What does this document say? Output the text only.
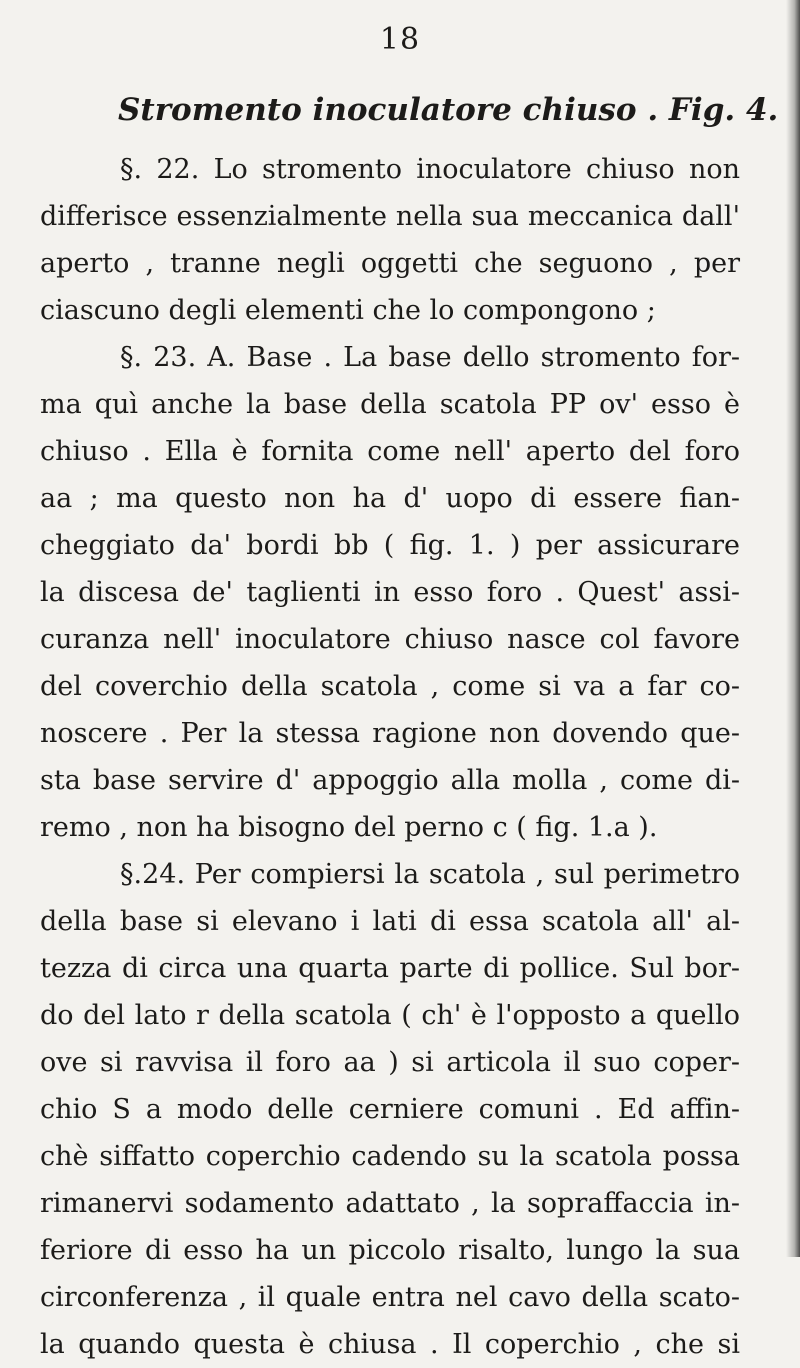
18
Stromento inoculatore chiuso . Fig. 4.
§. 22. Lo stromento inoculatore chiuso non
differisce essenzialmente nella sua meccanica dall'
aperto , tranne negli oggetti che seguono , per
ciascuno degli elementi che lo compongono ;
§. 23. A. Base . La base dello stromento for-
ma quì anche la base della scatola PP ov' esso è
chiuso . Ella è fornita come nell' aperto del foro
aa ; ma questo non ha d' uopo di essere fian-
cheggiato da' bordi bb ( fig. 1. ) per assicurare
la discesa de' taglienti in esso foro . Quest' assi-
curanza nell' inoculatore chiuso nasce col favore
del coverchio della scatola , come si va a far co-
noscere . Per la stessa ragione non dovendo que-
sta base servire d' appoggio alla molla , come di-
remo , non ha bisogno del perno c ( fig. 1.a ).
§.24. Per compiersi la scatola , sul perimetro
della base si elevano i lati di essa scatola all' al-
tezza di circa una quarta parte di pollice. Sul bor-
do del lato r della scatola ( ch' è l'opposto a quello
ove si ravvisa il foro aa ) si articola il suo coper-
chio S a modo delle cerniere comuni . Ed affin-
chè siffatto coperchio cadendo su la scatola possa
rimanervi sodamento adattato , la sopraffaccia in-
feriore di esso ha un piccolo risalto, lungo la sua
circonferenza , il quale entra nel cavo della scato-
la quando questa è chiusa . Il coperchio , che si
